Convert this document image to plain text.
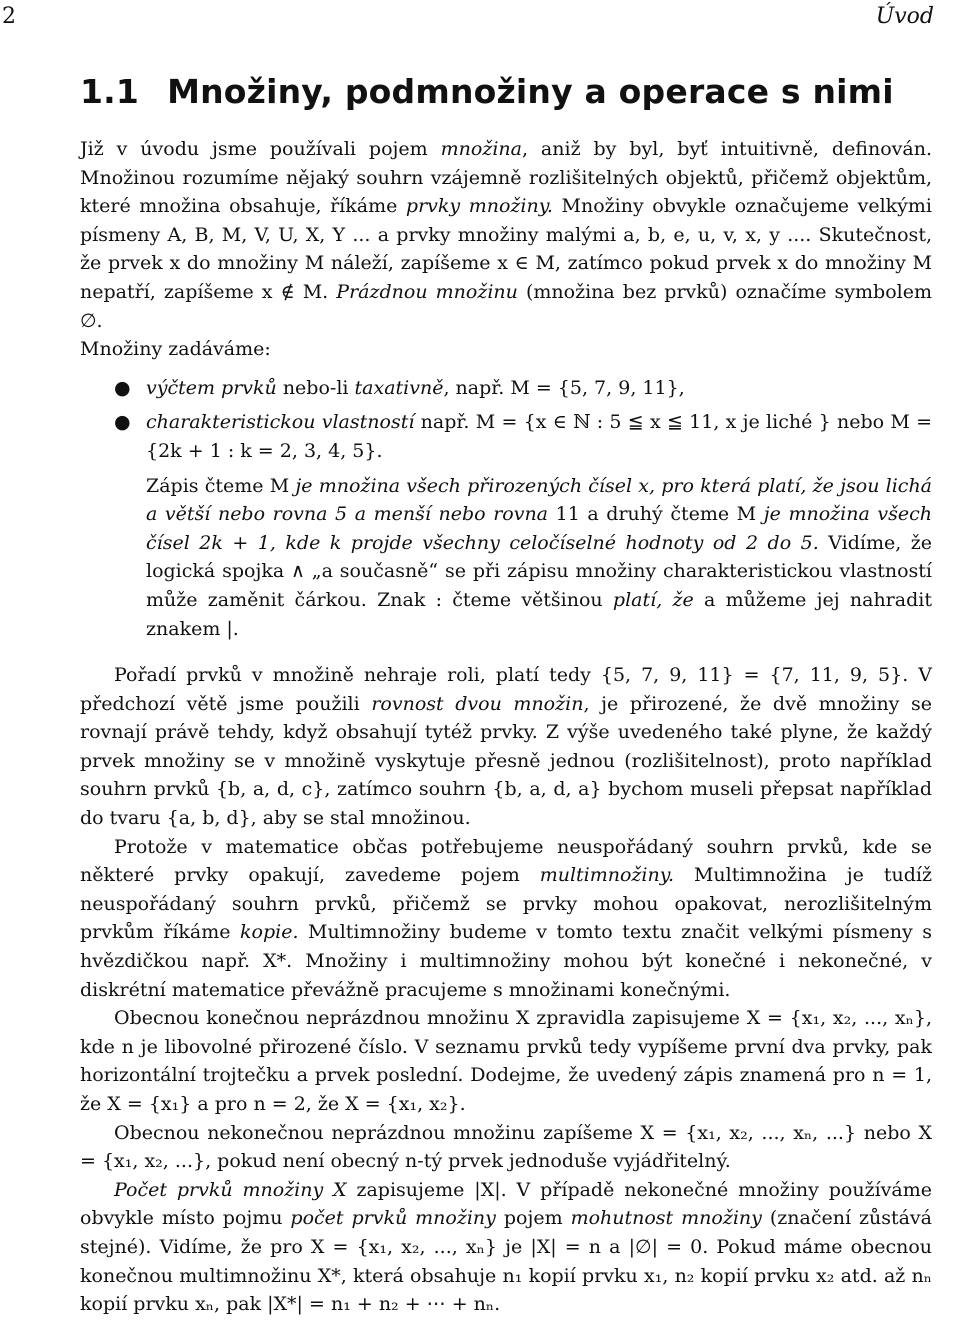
2	Úvod
1.1 Množiny, podmnožiny a operace s nimi

Již v úvodu jsme používali pojem množina, aniž by byl, byť intuitivně, definován. Množinou rozumíme nějaký souhrn vzájemně rozlišitelných objektů, přičemž objektům, které množina obsahuje, říkáme prvky množiny. Množiny obvykle označujeme velkými písmeny A, B, M, V, U, X, Y ... a prvky množiny malými a, b, e, u, v, x, y .... Skutečnost, že prvek x do množiny M náleží, zapíšeme x ∈ M, zatímco pokud prvek x do množiny M nepatří, zapíšeme x ∉ M. Prázdnou množinu (množina bez prvků) označíme symbolem ∅.

Množiny zadáváme:

● výčtem prvků nebo-li taxativně, např. M = {5, 7, 9, 11},
● charakteristickou vlastností např. M = {x ∈ ℕ : 5 ≦ x ≦ 11, x je liché } nebo M = {2k + 1 : k = 2, 3, 4, 5}.

Zápis čteme M je množina všech přirozených čísel x, pro která platí, že jsou lichá a větší nebo rovna 5 a menší nebo rovna 11 a druhý čteme M je množina všech čísel 2k + 1, kde k projde všechny celočíselné hodnoty od 2 do 5. Vidíme, že logická spojka ∧ „a současně“ se při zápisu množiny charakteristickou vlastností může zaměnit čárkou. Znak : čteme většinou platí, že a můžeme jej nahradit znakem |.

Pořadí prvků v množině nehraje roli, platí tedy {5, 7, 9, 11} = {7, 11, 9, 5}. V předchozí větě jsme použili rovnost dvou množin, je přirozené, že dvě množiny se rovnají právě tehdy, když obsahují tytéž prvky. Z výše uvedeného také plyne, že každý prvek množiny se v množině vyskytuje přesně jednou (rozlišitelnost), proto například souhrn prvků {b, a, d, c}, zatímco souhrn {b, a, d, a} bychom museli přepsat například do tvaru {a, b, d}, aby se stal množinou.

Protože v matematice občas potřebujeme neuspořádaný souhrn prvků, kde se některé prvky opakují, zavedeme pojem multimnožiny. Multimnožina je tudíž neuspořádaný souhrn prvků, přičemž se prvky mohou opakovat, nerozlišitelným prvkům říkáme kopie. Multimnožiny budeme v tomto textu značit velkými písmeny s hvězdičkou např. X*. Množiny i multimnožiny mohou být konečné i nekonečné, v diskrétní matematice převážně pracujeme s množinami konečnými.

Obecnou konečnou neprázdnou množinu X zpravidla zapisujeme X = {x₁, x₂, ..., xₙ}, kde n je libovolné přirozené číslo. V seznamu prvků tedy vypíšeme první dva prvky, pak horizontální trojtečku a prvek poslední. Dodejme, že uvedený zápis znamená pro n = 1, že X = {x₁} a pro n = 2, že X = {x₁, x₂}.

Obecnou nekonečnou neprázdnou množinu zapíšeme X = {x₁, x₂, ..., xₙ, ...} nebo X = {x₁, x₂, ...}, pokud není obecný n-tý prvek jednoduše vyjádřitelný.

Počet prvků množiny X zapisujeme |X|. V případě nekonečné množiny používáme obvykle místo pojmu počet prvků množiny pojem mohutnost množiny (značení zůstává stejné). Vidíme, že pro X = {x₁, x₂, ..., xₙ} je |X| = n a |∅| = 0. Pokud máme obecnou konečnou multimnožinu X*, která obsahuje n₁ kopií prvku x₁, n₂ kopií prvku x₂ atd. až nₙ kopií prvku xₙ, pak |X*| = n₁ + n₂ + ⋯ + nₙ.
